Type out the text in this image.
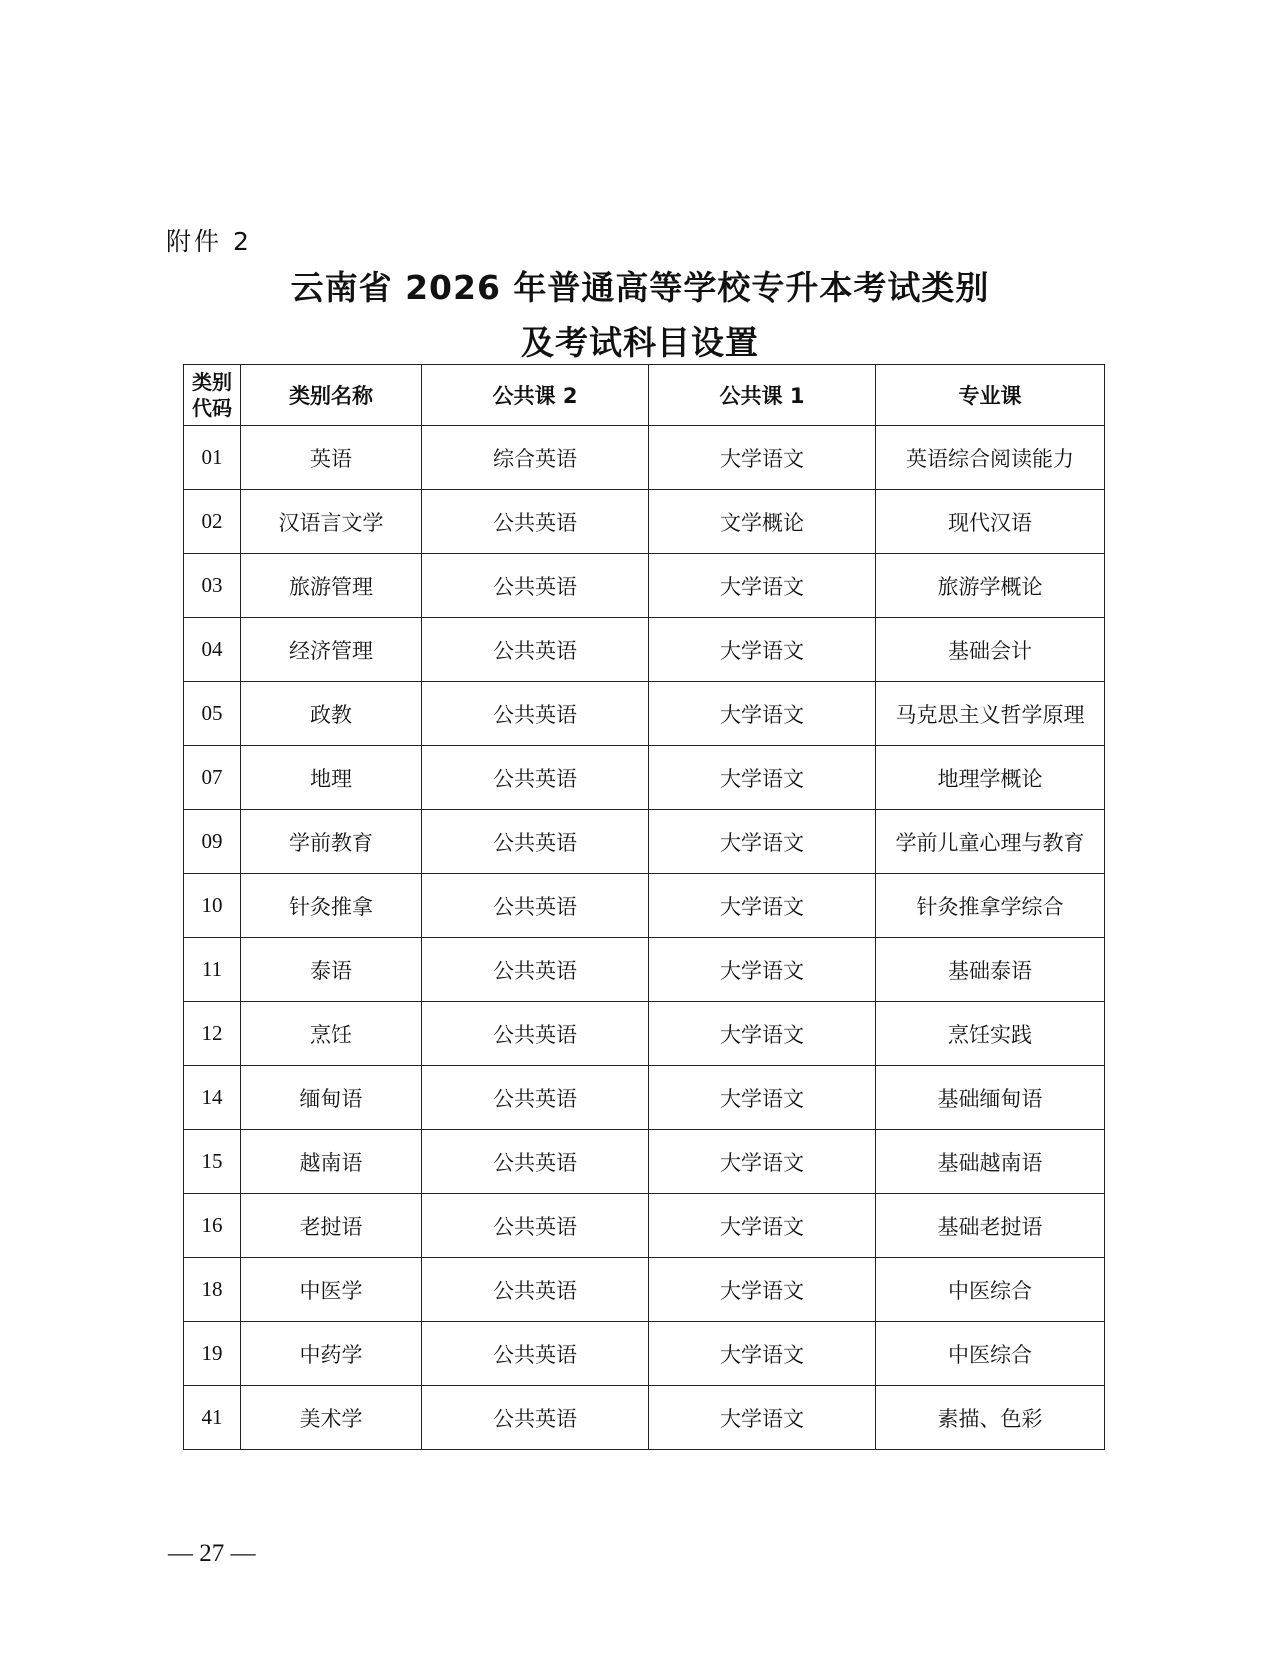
附件 2
云南省 2026 年普通高等学校专升本考试类别
及考试科目设置
类别
代码	类别名称	公共课 2	公共课 1	专业课
01	英语	综合英语	大学语文	英语综合阅读能力
02	汉语言文学	公共英语	文学概论	现代汉语
03	旅游管理	公共英语	大学语文	旅游学概论
04	经济管理	公共英语	大学语文	基础会计
05	政教	公共英语	大学语文	马克思主义哲学原理
07	地理	公共英语	大学语文	地理学概论
09	学前教育	公共英语	大学语文	学前儿童心理与教育
10	针灸推拿	公共英语	大学语文	针灸推拿学综合
11	泰语	公共英语	大学语文	基础泰语
12	烹饪	公共英语	大学语文	烹饪实践
14	缅甸语	公共英语	大学语文	基础缅甸语
15	越南语	公共英语	大学语文	基础越南语
16	老挝语	公共英语	大学语文	基础老挝语
18	中医学	公共英语	大学语文	中医综合
19	中药学	公共英语	大学语文	中医综合
41	美术学	公共英语	大学语文	素描、色彩
— 27 —
